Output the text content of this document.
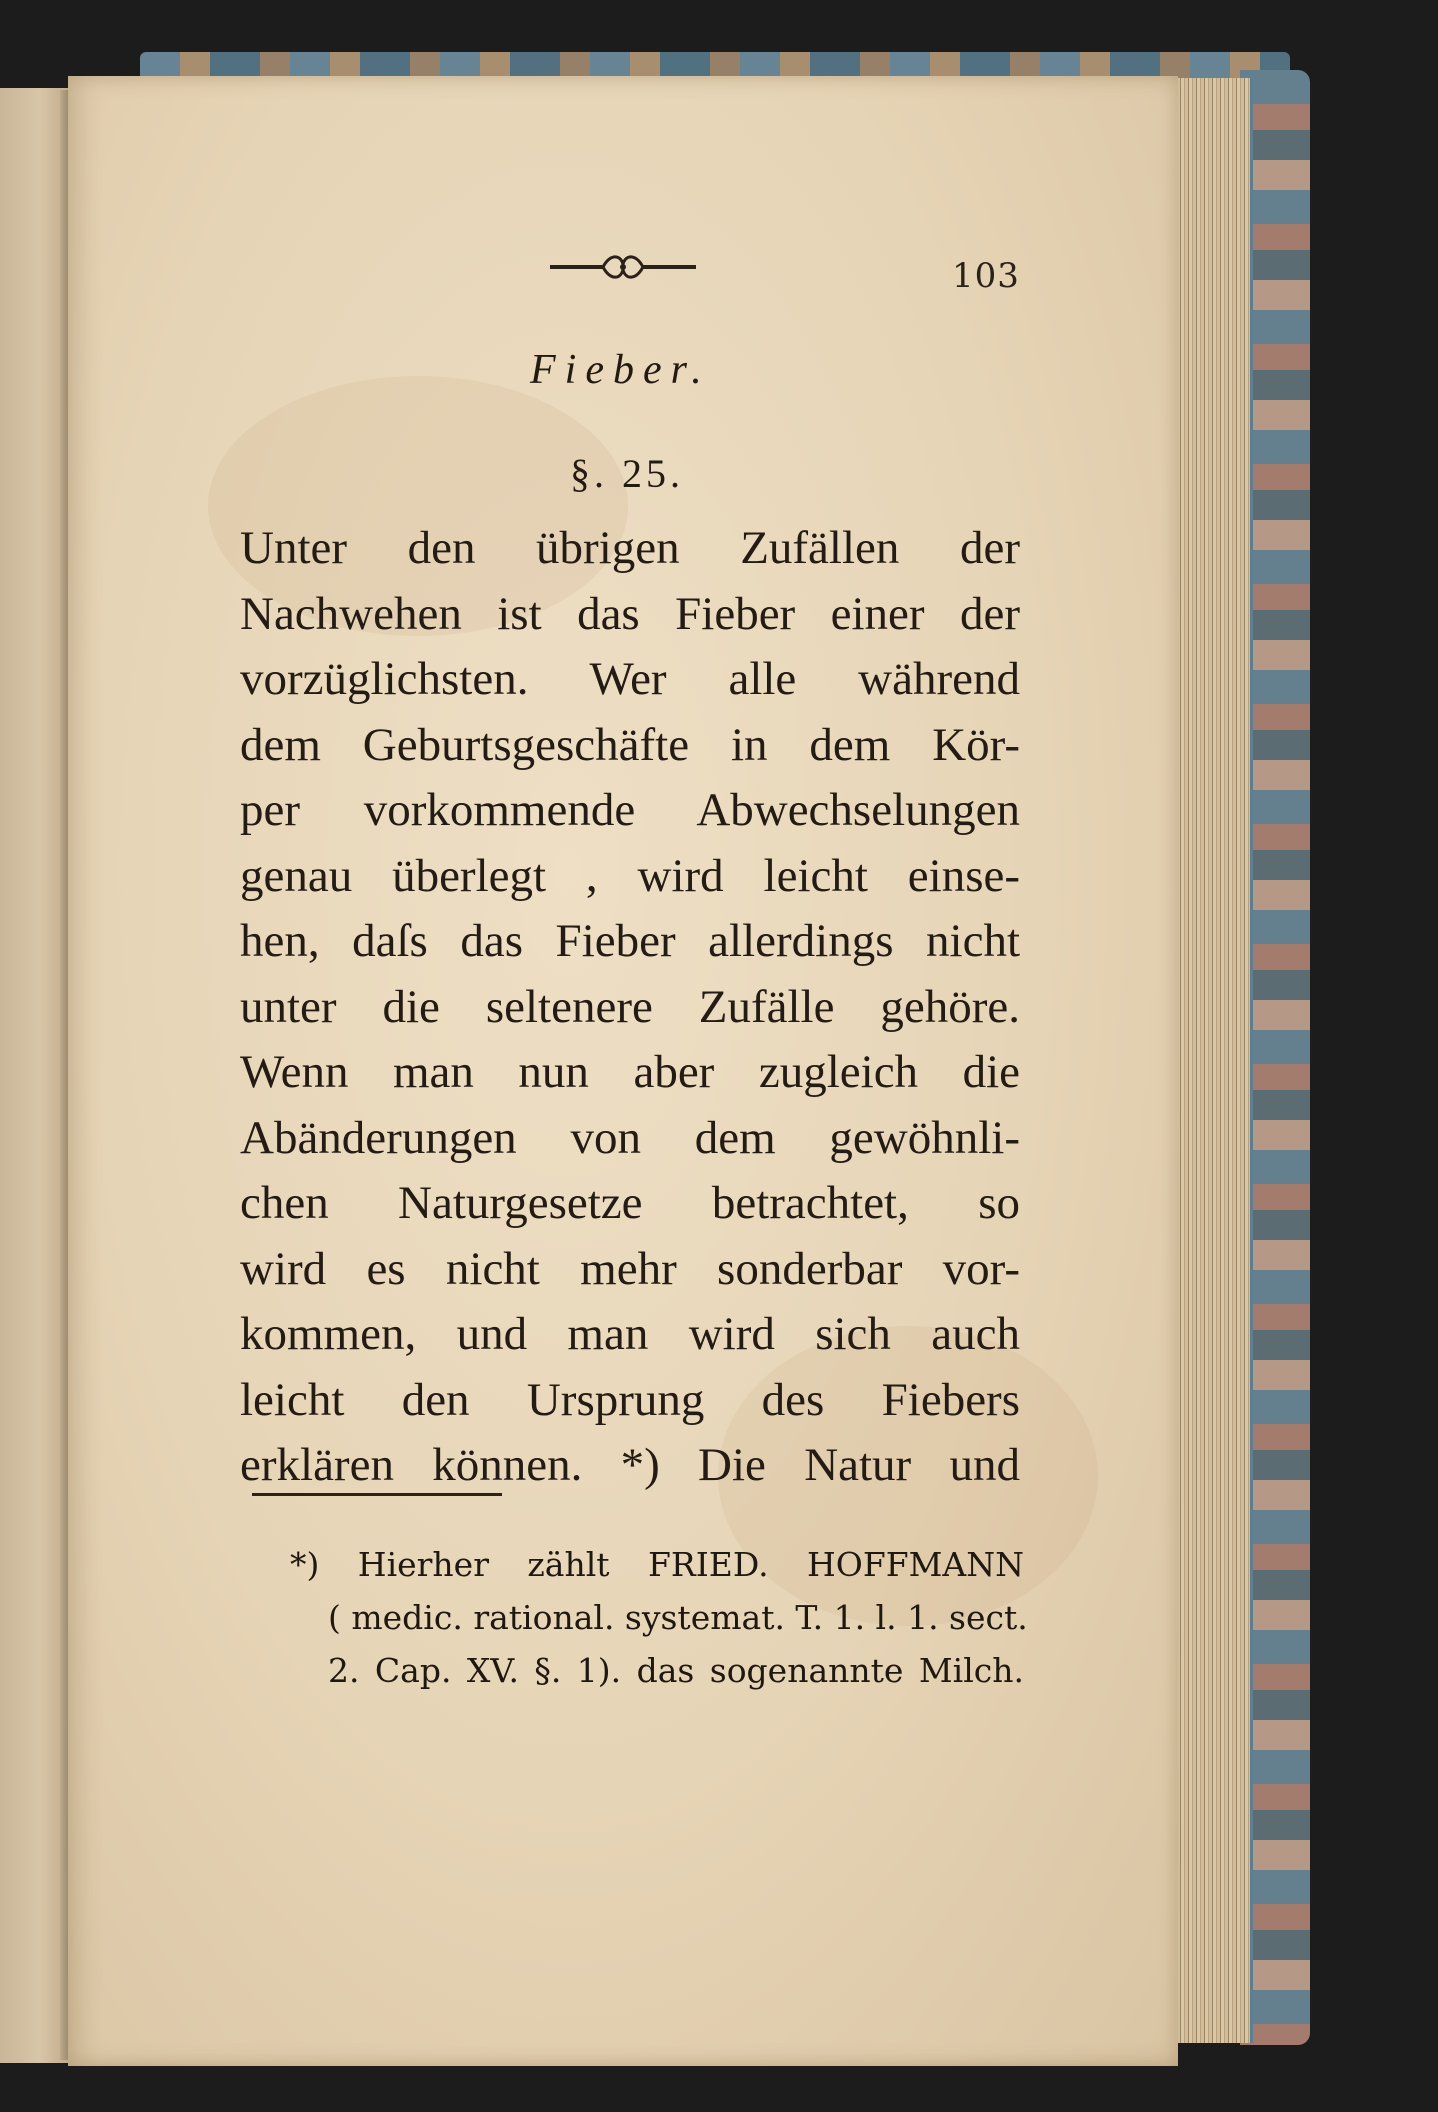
103
Fieber.
§. 25.
Unter den übrigen Zufällen der
Nachwehen ist das Fieber einer der
vorzüglichsten. Wer alle während
dem Geburtsgeschäfte in dem Kör-
per vorkommende Abwechselungen
genau überlegt , wird leicht einse-
hen, daſs das Fieber allerdings nicht
unter die seltenere Zufälle gehöre.
Wenn man nun aber zugleich die
Abänderungen von dem gewöhnli-
chen Naturgesetze betrachtet, so
wird es nicht mehr sonderbar vor-
kommen, und man wird sich auch
leicht den Ursprung des Fiebers
erklären können. *) Die Natur und
*) Hierher zählt FRIED. HOFFMANN
( medic. rational. systemat. T. 1. l. 1. sect.
2. Cap. XV. §. 1). das sogenannte Milch.
